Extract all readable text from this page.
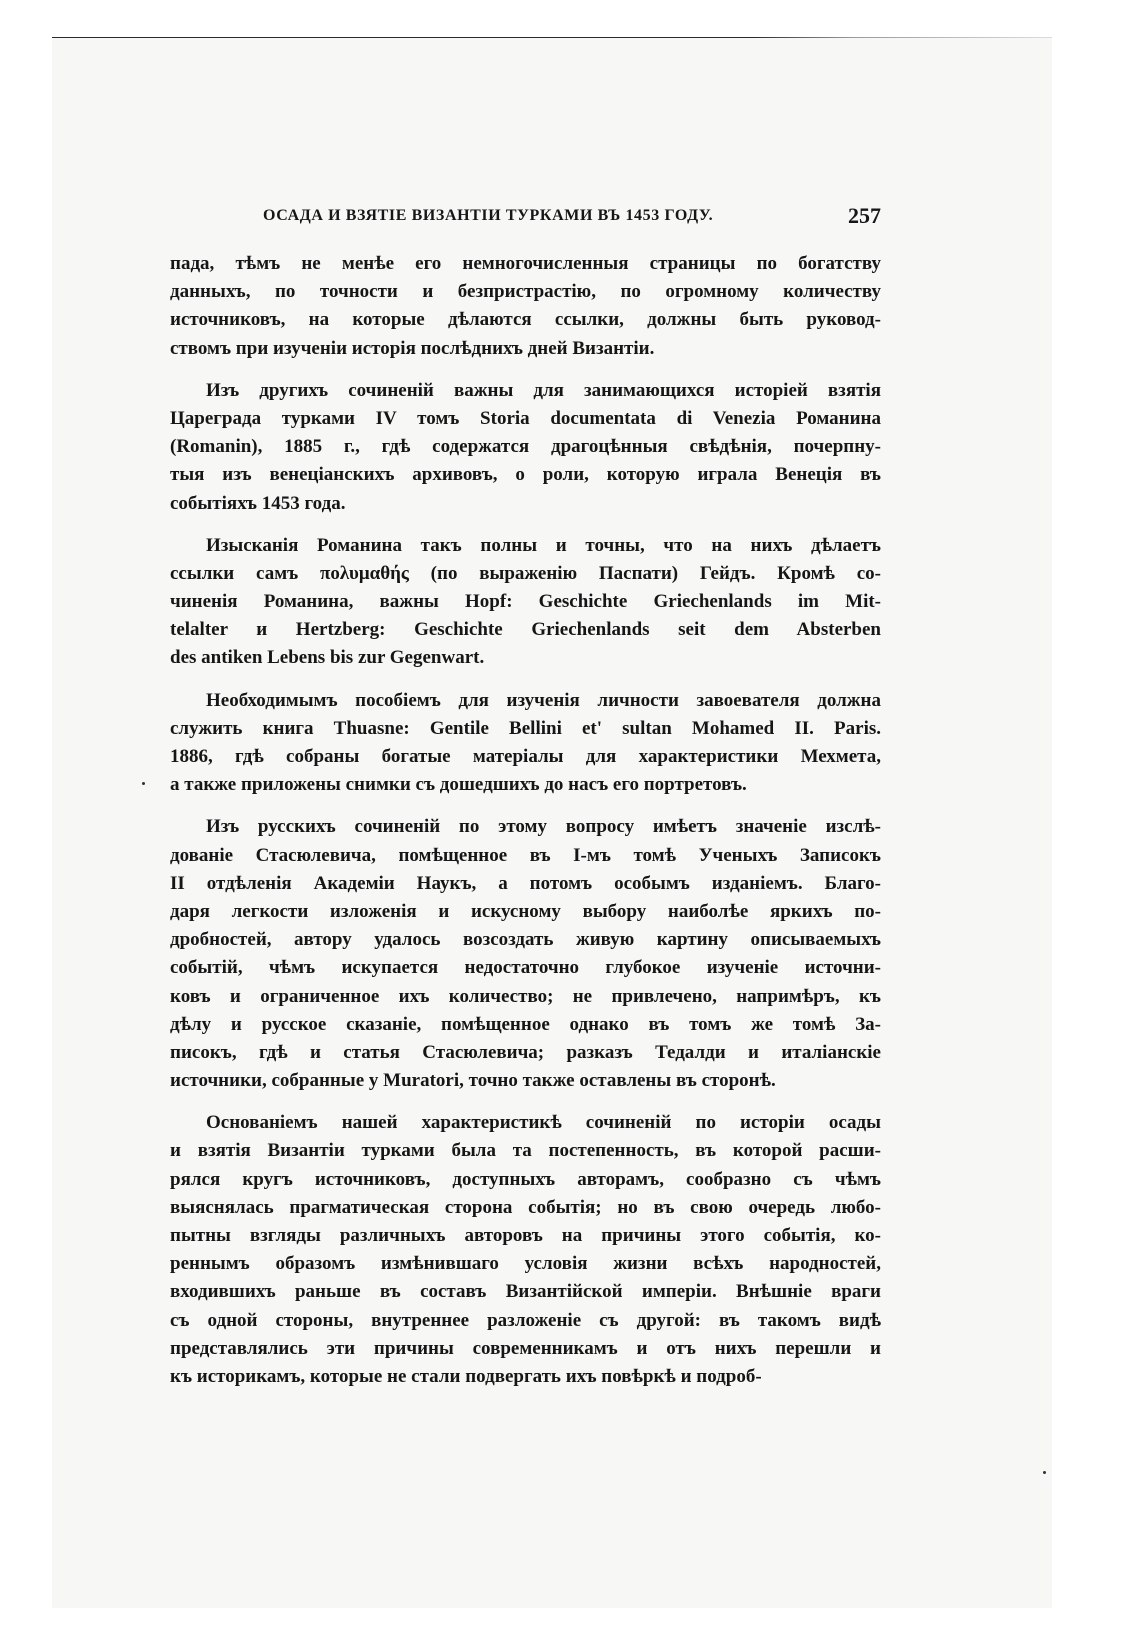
ОСАДА И ВЗЯТІЕ ВИЗАНТІИ ТУРКАМИ ВЪ 1453 ГОДУ.	257
пада, тѣмъ не менѣе его немногочисленныя страницы по богатству
данныхъ, по точности и безпристрастію, по огромному количеству
источниковъ, на которые дѣлаются ссылки, должны быть руковод-
ствомъ при изученіи исторія послѣднихъ дней Византіи.
Изъ другихъ сочиненій важны для занимающихся исторіей взятія
Цареграда турками IV томъ Storia documentata di Venezia Романина
(Romanin), 1885 г., гдѣ содержатся драгоцѣнныя свѣдѣнія, почерпну-
тыя изъ венеціанскихъ архивовъ, о роли, которую играла Венеція въ
событіяхъ 1453 года.
Изысканія Романина такъ полны и точны, что на нихъ дѣлаетъ
ссылки самъ πολυμαθής (по выраженію Паспати) Гейдъ. Кромѣ со-
чиненія Романина, важны Hopf: Geschichte Griechenlands im Mit-
telalter и Hertzberg: Geschichte Griechenlands seit dem Absterben
des antiken Lebens bis zur Gegenwart.
Необходимымъ пособіемъ для изученія личности завоевателя должна
служить книга Thuasne: Gentile Bellini et' sultan Mohamed II. Paris.
1886, гдѣ собраны богатые матеріалы для характеристики Мехмета,
а также приложены снимки съ дошедшихъ до насъ его портретовъ.
Изъ русскихъ сочиненій по этому вопросу имѣетъ значеніе изслѣ-
дованіе Стасюлевича, помѣщенное въ I-мъ томѣ Ученыхъ Записокъ
II отдѣленія Академіи Наукъ, а потомъ особымъ изданіемъ. Благо-
даря легкости изложенія и искусному выбору наиболѣе яркихъ по-
дробностей, автору удалось возсоздать живую картину описываемыхъ
событій, чѣмъ искупается недостаточно глубокое изученіе источни-
ковъ и ограниченное ихъ количество; не привлечено, напримѣръ, къ
дѣлу и русское сказаніе, помѣщенное однако въ томъ же томѣ За-
писокъ, гдѣ и статья Стасюлевича; разказъ Тедалди и италіанскіе
источники, собранные у Muratori, точно также оставлены въ сторонѣ.
Основаніемъ нашей характеристикѣ сочиненій по исторіи осады
и взятія Византіи турками была та постепенность, въ которой расши-
рялся кругъ источниковъ, доступныхъ авторамъ, сообразно съ чѣмъ
выяснялась прагматическая сторона событія; но въ свою очередь любо-
пытны взгляды различныхъ авторовъ на причины этого событія, ко-
реннымъ образомъ измѣнившаго условія жизни всѣхъ народностей,
входившихъ раньше въ составъ Византійской имперіи. Внѣшніе враги
съ одной стороны, внутреннее разложеніе съ другой: въ такомъ видѣ
представлялись эти причины современникамъ и отъ нихъ перешли и
къ историкамъ, которые не стали подвергать ихъ повѣркѣ и подроб-
